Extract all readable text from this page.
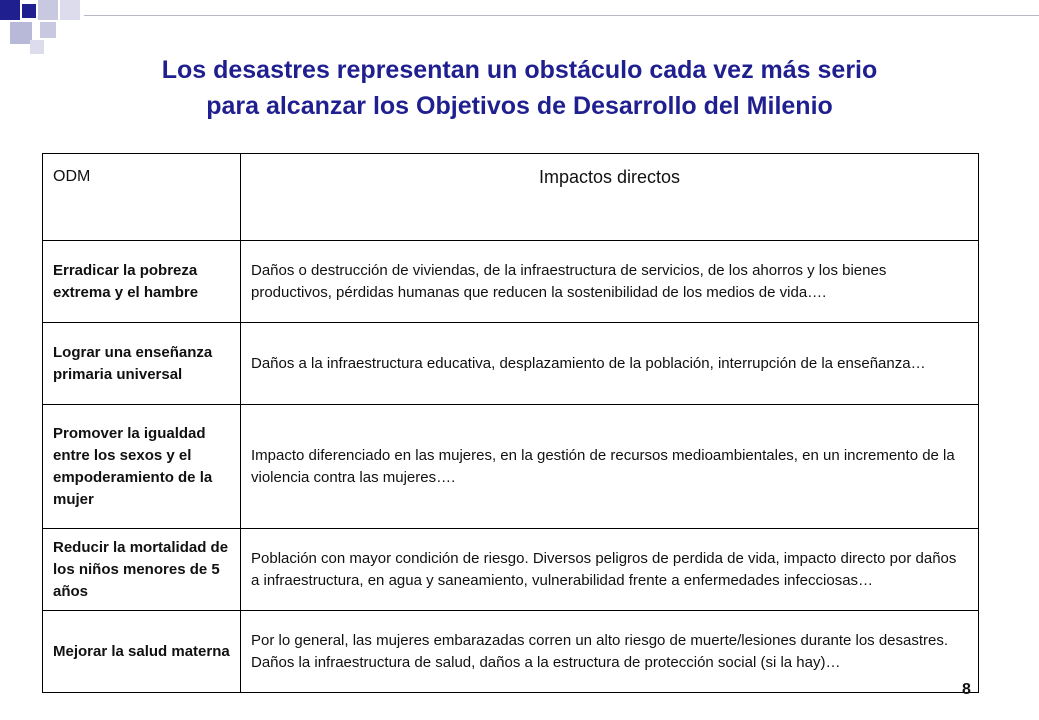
Los desastres representan un obstáculo cada vez más serio
para alcanzar los Objetivos de Desarrollo del Milenio
ODM	Impactos directos
Erradicar la pobreza extrema y el hambre	Daños o destrucción de viviendas, de la infraestructura de servicios, de los ahorros y los bienes productivos, pérdidas humanas que reducen la sostenibilidad de los medios de vida….
Lograr una enseñanza primaria universal	Daños a la infraestructura educativa, desplazamiento de la población, interrupción de la enseñanza…
Promover la igualdad entre los sexos y el empoderamiento de la mujer	Impacto diferenciado en las mujeres, en la gestión de recursos medioambientales, en un incremento de la violencia contra las mujeres….
Reducir la mortalidad de los niños menores de 5 años	Población con mayor condición de riesgo. Diversos peligros de perdida de vida, impacto directo por daños a infraestructura, en agua y saneamiento, vulnerabilidad frente a enfermedades infecciosas…
Mejorar la salud materna	Por lo general, las mujeres embarazadas corren un alto riesgo de muerte/lesiones durante los desastres. Daños la infraestructura de salud, daños a la estructura de protección social (si la hay)…
8
